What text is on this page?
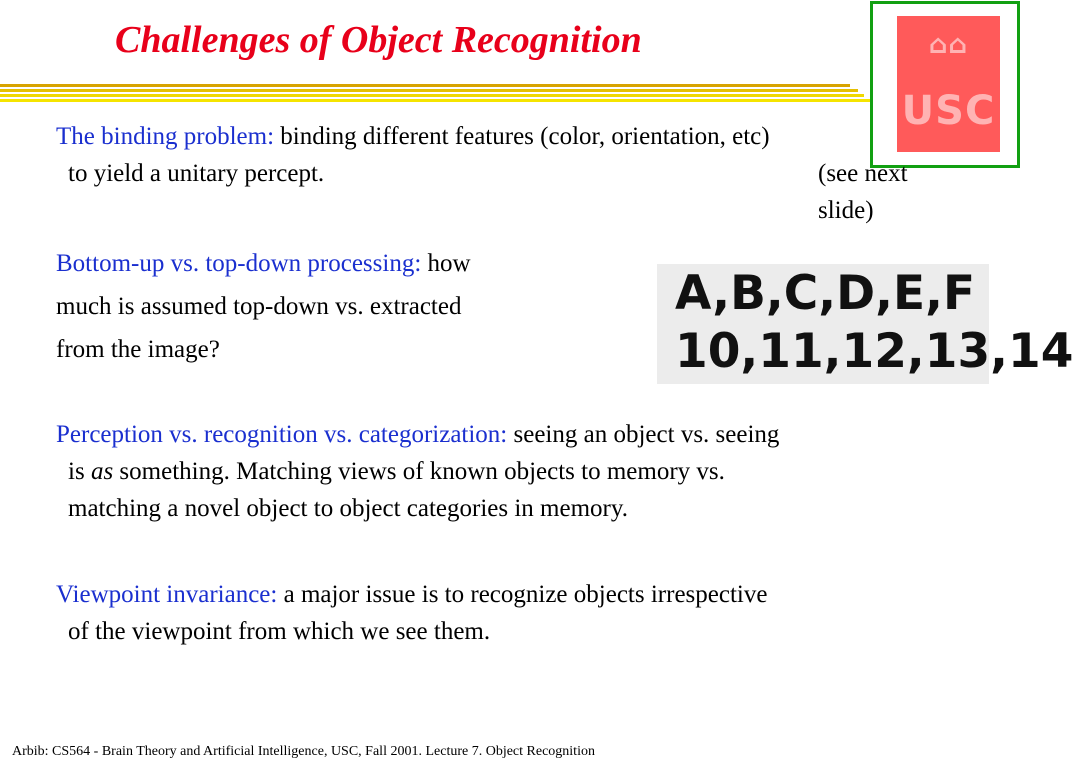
Challenges of Object Recognition	⌂⌂
USC
The binding problem: binding different features (color, orientation, etc)
to yield a unitary percept.	(see next slide)
Bottom-up vs. top-down processing: how
much is assumed top-down vs. extracted
from the image?
A,B,C,D,E,F
10,11,12,13,14
Perception vs. recognition vs. categorization: seeing an object vs. seeing
is as something. Matching views of known objects to memory vs.
matching a novel object to object categories in memory.
Viewpoint invariance: a major issue is to recognize objects irrespective
of the viewpoint from which we see them.
Arbib: CS564 - Brain Theory and Artificial Intelligence, USC, Fall 2001. Lecture 7. Object Recognition
